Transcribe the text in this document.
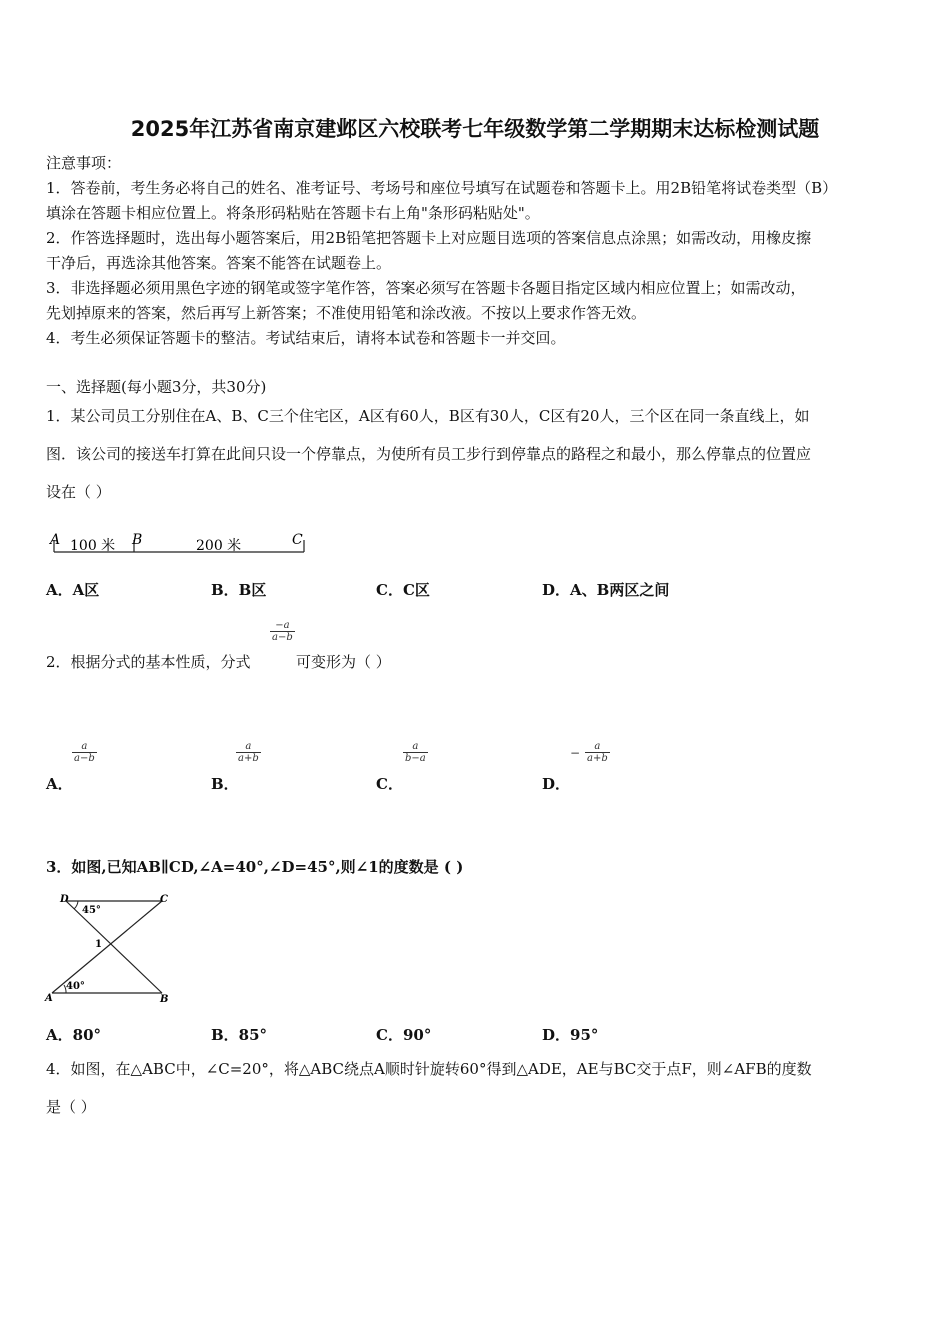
2025年江苏省南京建邺区六校联考七年级数学第二学期期末达标检测试题
注意事项：
1．答卷前，考生务必将自己的姓名、准考证号、考场号和座位号填写在试题卷和答题卡上。用2B铅笔将试卷类型（B）
填涂在答题卡相应位置上。将条形码粘贴在答题卡右上角"条形码粘贴处"。
2．作答选择题时，选出每小题答案后，用2B铅笔把答题卡上对应题目选项的答案信息点涂黑；如需改动，用橡皮擦
干净后，再选涂其他答案。答案不能答在试题卷上。
3．非选择题必须用黑色字迹的钢笔或签字笔作答，答案必须写在答题卡各题目指定区域内相应位置上；如需改动，
先划掉原来的答案，然后再写上新答案；不准使用铅笔和涂改液。不按以上要求作答无效。
4．考生必须保证答题卡的整洁。考试结束后，请将本试卷和答题卡一并交回。
一、选择题(每小题3分，共30分)
1．某公司员工分别住在A、B、C三个住宅区，A区有60人，B区有30人，C区有20人，三个区在同一条直线上，如
图．该公司的接送车打算在此间只设一个停靠点，为使所有员工步行到停靠点的路程之和最小，那么停靠点的位置应
设在（ ）
A 100 米 B	200 米	C
A．A区	B．B区	C．C区	D．A、B两区之间
2．根据分式的基本性质，分式
$\frac{-a}{a-b}$
可变形为（ ）
A．
$\frac{a}{a-b}$
B．
$\frac{a}{a+b}$
C．
$\frac{a}{b-a}$
D．
− $\frac{a}{a+b}$
3．如图,已知AB∥CD,∠A=40°,∠D=45°,则∠1的度数是 ( )
D	C
A	B
45°
40°
1
A．80°	B．85°	C．90°	D．95°
4．如图，在△ABC中，∠C=20°，将△ABC绕点A顺时针旋转60°得到△ADE，AE与BC交于点F，则∠AFB的度数
是（ ）
